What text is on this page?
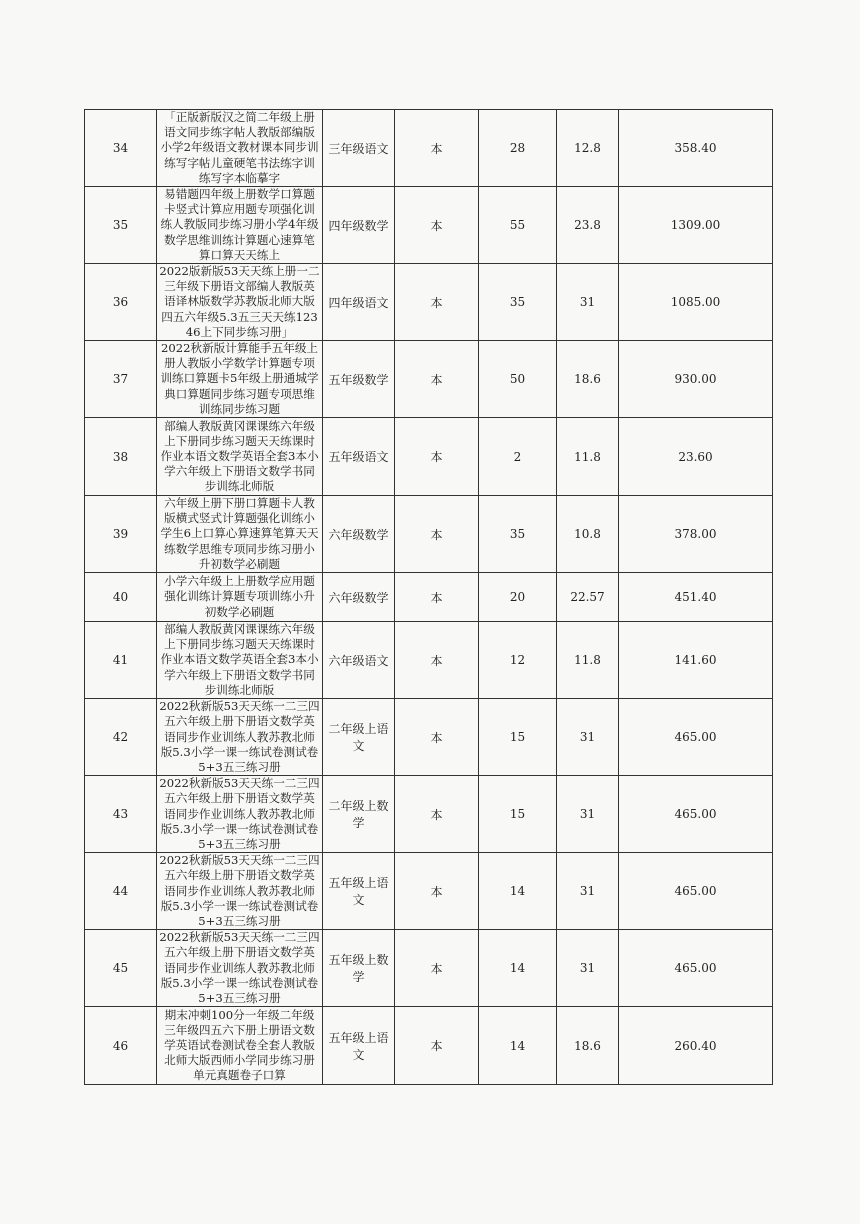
34	「正版新版汉之简二年级上册语文同步练字帖人教版部编版 小学2年级语文教材课本同步训练写字帖儿童硬笔书法练字训练写字本临摹字	三年级语文	本	28	12.8	358.40
35	易错题四年级上册数学口算题卡竖式计算应用题专项强化训练人教版同步练习册小学4年级数学思维训练计算题心速算笔算口算天天练上	四年级数学	本	55	23.8	1309.00
36	2022版新版53天天练上册一二三年级下册语文部编人教版英语译林版数学苏教版北师大版四五六年级5.3五三天天练12346上下同步练习册」	四年级语文	本	35	31	1085.00
37	2022秋新版计算能手五年级上册人教版小学数学计算题专项训练口算题卡5年级上册通城学典口算题同步练习题专项思维训练同步练习题	五年级数学	本	50	18.6	930.00
38	部编人教版黄冈课课练六年级上下册同步练习题天天练课时作业本语文数学英语全套3本小学六年级上下册语文数学书同步训练北师版	五年级语文	本	2	11.8	23.60
39	六年级上册下册口算题卡人教版横式竖式计算题强化训练小学生6上口算心算速算笔算天天练数学思维专项同步练习册小升初数学必刷题	六年级数学	本	35	10.8	378.00
40	小学六年级上上册数学应用题强化训练计算题专项训练小升初数学必刷题	六年级数学	本	20	22.57	451.40
41	部编人教版黄冈课课练六年级上下册同步练习题天天练课时作业本语文数学英语全套3本小学六年级上下册语文数学书同步训练北师版	六年级语文	本	12	11.8	141.60
42	2022秋新版53天天练一二三四五六年级上册下册语文数学英语同步作业训练人教苏教北师版5.3小学一课一练试卷测试卷5+3五三练习册	二年级上语文	本	15	31	465.00
43	2022秋新版53天天练一二三四五六年级上册下册语文数学英语同步作业训练人教苏教北师版5.3小学一课一练试卷测试卷5+3五三练习册	二年级上数学	本	15	31	465.00
44	2022秋新版53天天练一二三四五六年级上册下册语文数学英语同步作业训练人教苏教北师版5.3小学一课一练试卷测试卷5+3五三练习册	五年级上语文	本	14	31	465.00
45	2022秋新版53天天练一二三四五六年级上册下册语文数学英语同步作业训练人教苏教北师版5.3小学一课一练试卷测试卷5+3五三练习册	五年级上数学	本	14	31	465.00
46	期末冲刺100分一年级二年级三年级四五六下册上册语文数学英语试卷测试卷全套人教版北师大版西师小学同步练习册单元真题卷子口算	五年级上语文	本	14	18.6	260.40
